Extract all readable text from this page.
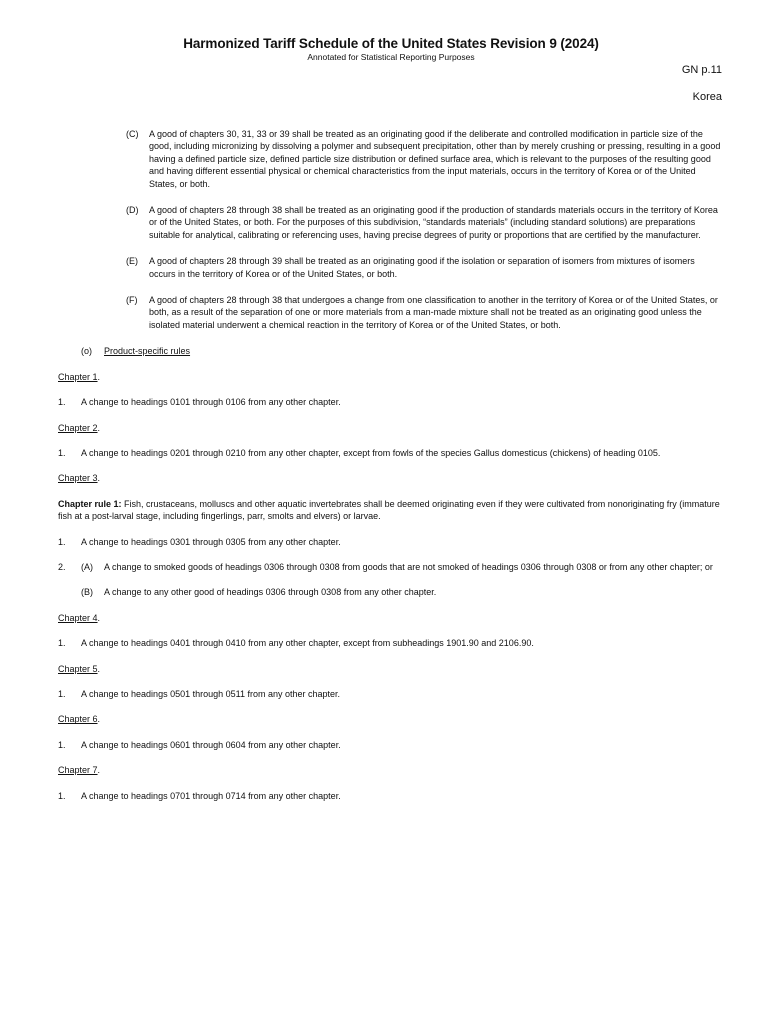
Harmonized Tariff Schedule of the United States Revision 9 (2024)
Annotated for Statistical Reporting Purposes
GN p.11
Korea
(C) A good of chapters 30, 31, 33 or 39 shall be treated as an originating good if the deliberate and controlled modification in particle size of the good, including micronizing by dissolving a polymer and subsequent precipitation, other than by merely crushing or pressing, resulting in a good having a defined particle size, defined particle size distribution or defined surface area, which is relevant to the purposes of the resulting good and having different essential physical or chemical characteristics from the input materials, occurs in the territory of Korea or of the United States, or both.
(D) A good of chapters 28 through 38 shall be treated as an originating good if the production of standards materials occurs in the territory of Korea or of the United States, or both. For the purposes of this subdivision, “standards materials” (including standard solutions) are preparations suitable for analytical, calibrating or referencing uses, having precise degrees of purity or proportions that are certified by the manufacturer.
(E) A good of chapters 28 through 39 shall be treated as an originating good if the isolation or separation of isomers from mixtures of isomers occurs in the territory of Korea or of the United States, or both.
(F) A good of chapters 28 through 38 that undergoes a change from one classification to another in the territory of Korea or of the United States, or both, as a result of the separation of one or more materials from a man-made mixture shall not be treated as an originating good unless the isolated material underwent a chemical reaction in the territory of Korea or of the United States, or both.
(o) Product-specific rules
Chapter 1.
1. A change to headings 0101 through 0106 from any other chapter.
Chapter 2.
1. A change to headings 0201 through 0210 from any other chapter, except from fowls of the species Gallus domesticus (chickens) of heading 0105.
Chapter 3.
Chapter rule 1: Fish, crustaceans, molluscs and other aquatic invertebrates shall be deemed originating even if they were cultivated from nonoriginating fry (immature fish at a post-larval stage, including fingerlings, parr, smolts and elvers) or larvae.
1. A change to headings 0301 through 0305 from any other chapter.
2. (A) A change to smoked goods of headings 0306 through 0308 from goods that are not smoked of headings 0306 through 0308 or from any other chapter; or
(B) A change to any other good of headings 0306 through 0308 from any other chapter.
Chapter 4.
1. A change to headings 0401 through 0410 from any other chapter, except from subheadings 1901.90 and 2106.90.
Chapter 5.
1. A change to headings 0501 through 0511 from any other chapter.
Chapter 6.
1. A change to headings 0601 through 0604 from any other chapter.
Chapter 7.
1. A change to headings 0701 through 0714 from any other chapter.
